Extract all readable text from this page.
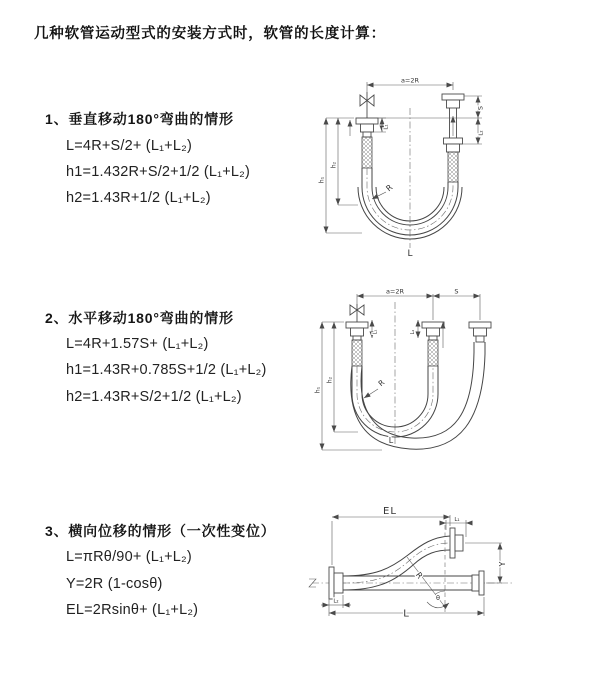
几种软管运动型式的安装方式时，软管的长度计算：
1、垂直移动180°弯曲的情形
L=4R+S/2+ (L₁+L₂)
h1=1.432R+S/2+1/2 (L₁+L₂)
h2=1.43R+1/2 (L₁+L₂)
2、水平移动180°弯曲的情形
L=4R+1.57S+ (L₁+L₂)
h1=1.43R+0.785S+1/2 (L₁+L₂)
h2=1.43R+S/2+1/2 (L₁+L₂)
3、横向位移的情形（一次性变位）
L=πRθ/90+ (L₁+L₂)
Y=2R (1-cosθ)
EL=2Rsinθ+ (L₁+L₂)
a=2R
R
h₁
h₂
L₁
S
L₂
L
a=2R	S
R
h₁
h₂
L₁	L₂
L
EL
L₁
Y
R
θ
L₂
L
